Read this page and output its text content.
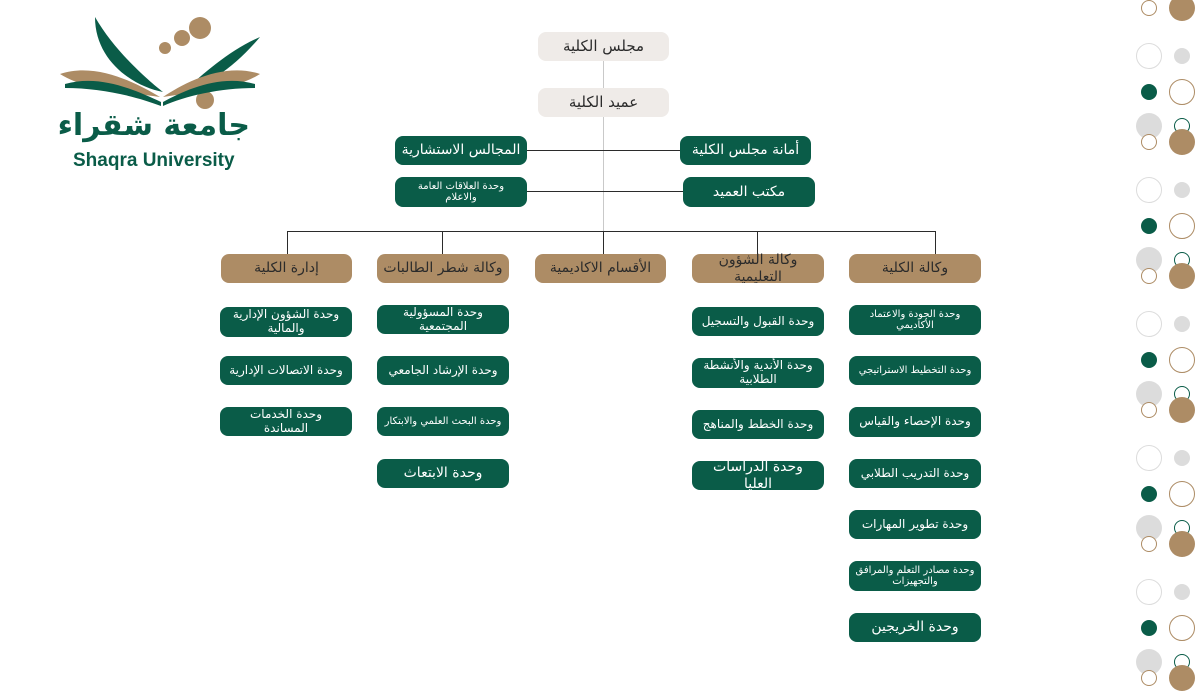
جامعة شقراء
Shaqra University
مجلس الكلية
عميد الكلية
المجالس الاستشارية
وحدة العلاقات العامة والاعلام
أمانة مجلس الكلية
مكتب العميد
إدارة الكلية	وكالة شطر الطالبات	الأقسام الاكاديمية
وكالة الشؤون التعليمية
وكالة الكلية
وحدة الشؤون الإدارية والمالية
وحدة الاتصالات الإدارية
وحدة الخدمات المساندة
وحدة المسؤولية المجتمعية
وحدة الإرشاد الجامعي
وحدة البحث العلمي والابتكار
وحدة الابتعاث
وحدة القبول والتسجيل
وحدة الأندية والأنشطة الطلابية
وحدة الخطط والمناهج
وحدة الدراسات العليا
وحدة الجودة والاعتماد الأكاديمي
وحدة التخطيط الاستراتيجي
وحدة الإحصاء والقياس
وحدة التدريب الطلابي
وحدة تطوير المهارات
وحدة مصادر التعلم والمرافق والتجهيزات
وحدة الخريجين
